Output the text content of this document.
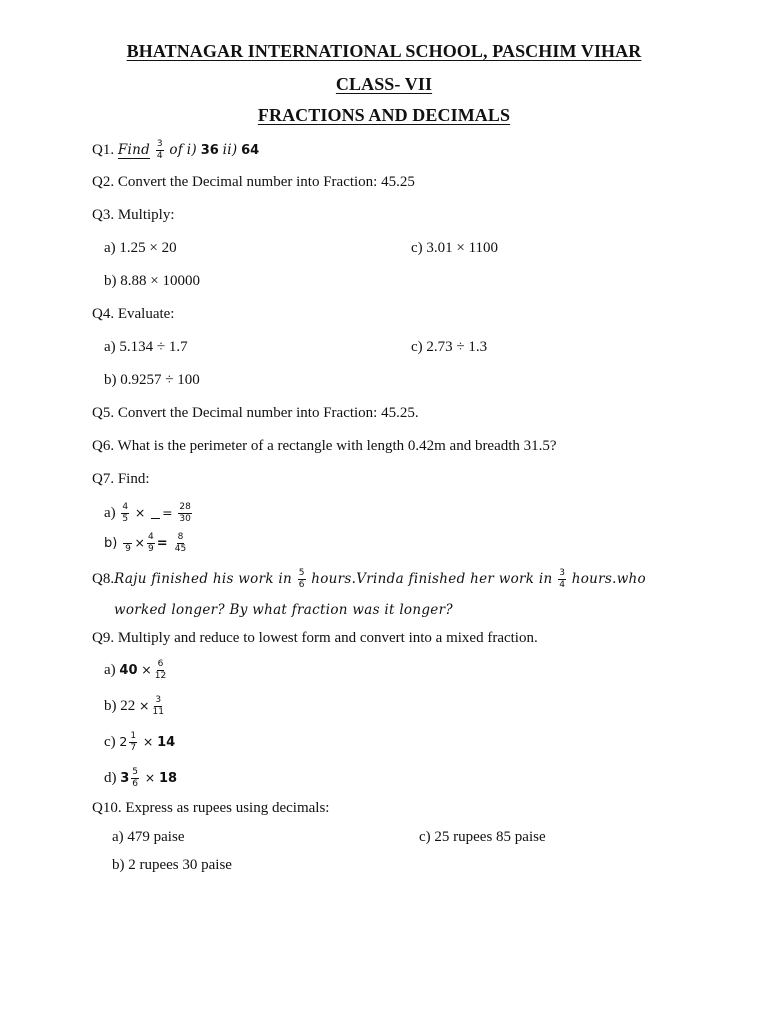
BHATNAGAR INTERNATIONAL SCHOOL, PASCHIM VIHAR
CLASS- VII
FRACTIONS AND DECIMALS
Q1. Find $\frac{3}{4}$ of i) 36 ii) 64
Q2. Convert the Decimal number into Fraction: 45.25
Q3. Multiply:
a) 1.25 × 20	c) 3.01 × 1100
b) 8.88 × 10000
Q4. Evaluate:
a) 5.134 ÷ 1.7	c) 2.73 ÷ 1.3
b) 0.9257 ÷ 100
Q5. Convert the Decimal number into Fraction: 45.25.
Q6. What is the perimeter of a rectangle with length 0.42m and breadth 31.5?
Q7. Find:
$a) \frac{4}{5}$ × = $\frac{28}{30}$
b) $9 \times \frac{4}{9} = \frac{8}{45}$
Q8.Raju finished his work in $\frac{5}{6}$ hours.Vrinda finished her work in $\frac{3}{4}$ hours.who
worked longer? By what fraction was it longer?
Q9. Multiply and reduce to lowest form and convert into a mixed fraction.
a) $40 \times \frac{6}{12}$
b) $22 \times \frac{3}{11}$
c) $2 \frac{1}{7} \times 14$
d) $3 \frac{5}{6} \times 18$
Q10. Express as rupees using decimals:
a) 479 paise	c) 25 rupees 85 paise
b) 2 rupees 30 paise
